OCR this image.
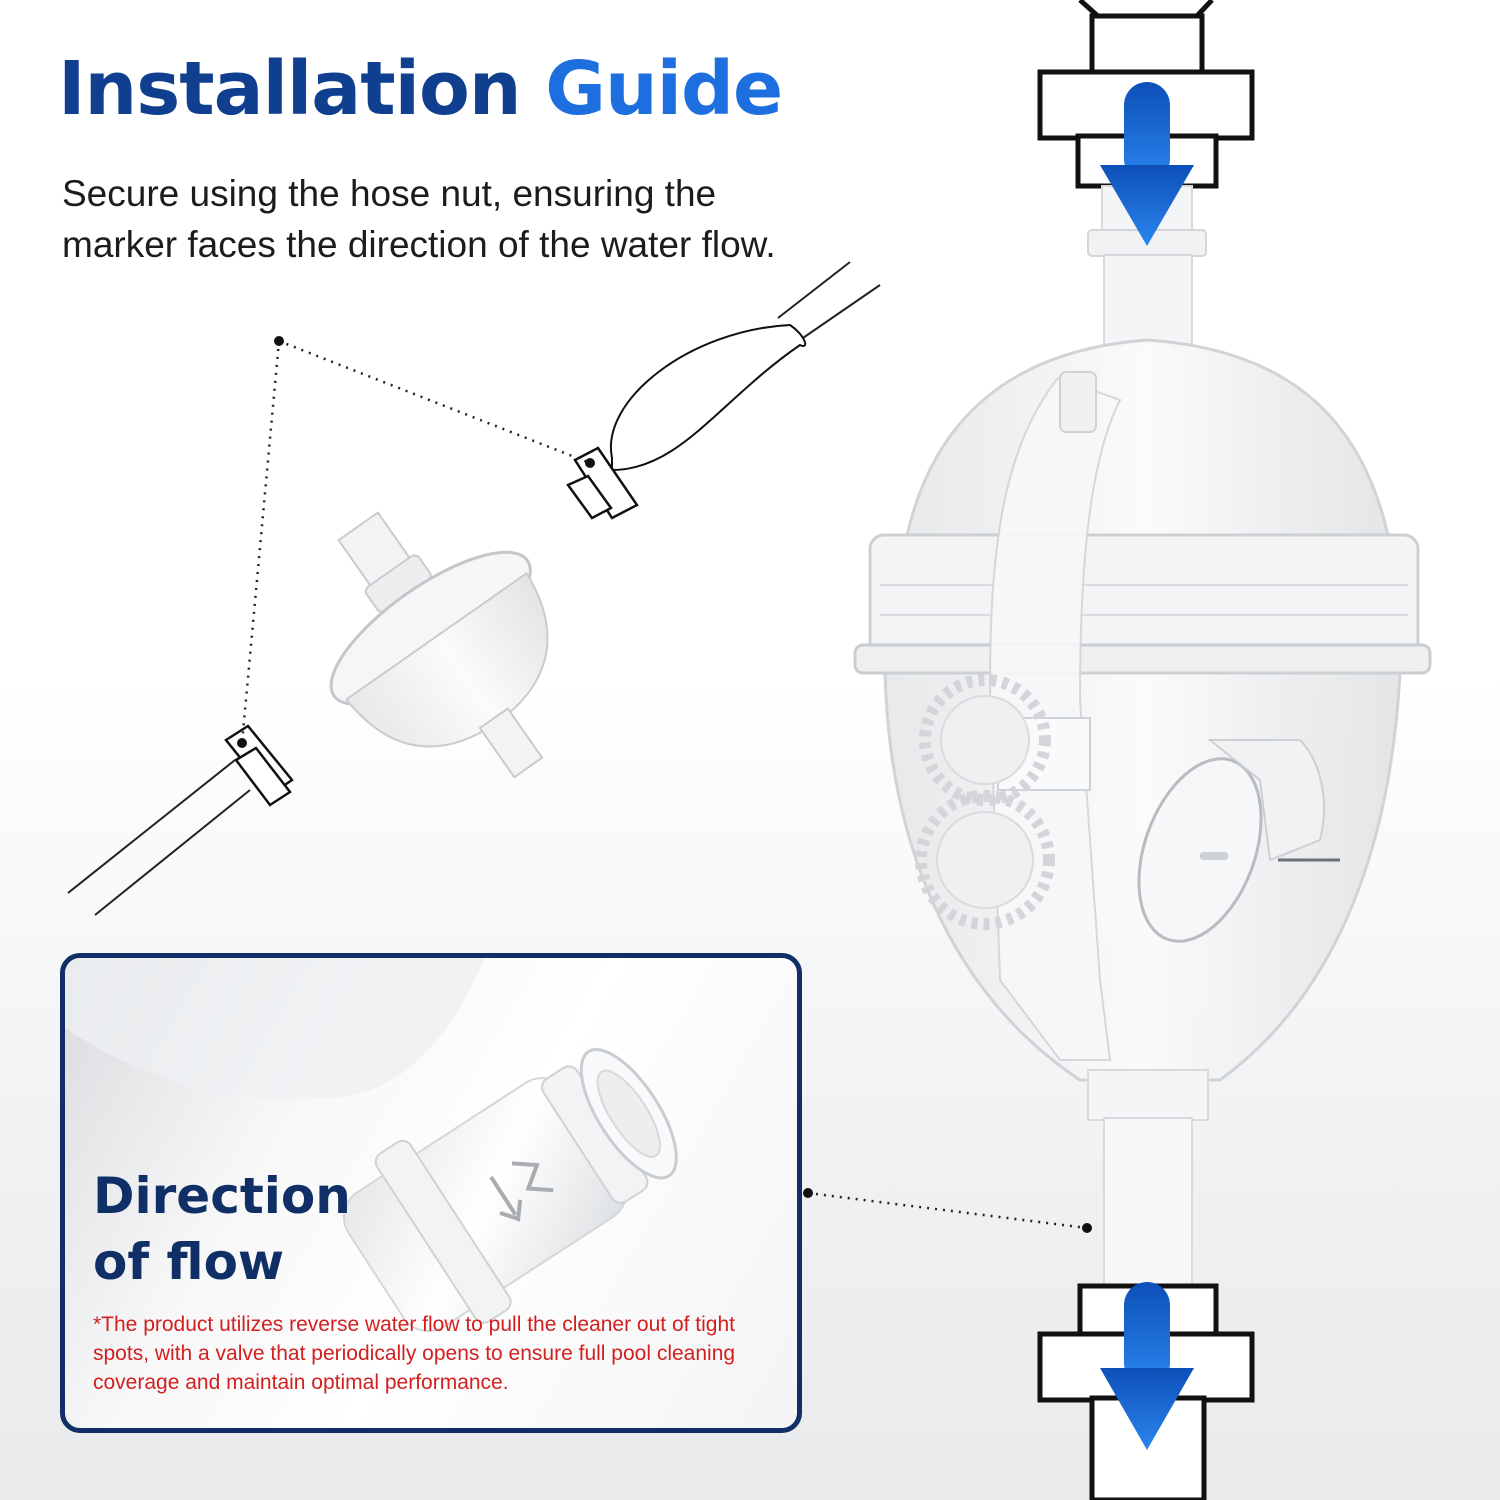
Installation Guide

Secure using the hose nut, ensuring the marker faces the direction of the water flow.

Direction
of flow

*The product utilizes reverse water flow to pull the cleaner out of tight spots, with a valve that periodically opens to ensure full pool cleaning coverage and maintain optimal performance.
